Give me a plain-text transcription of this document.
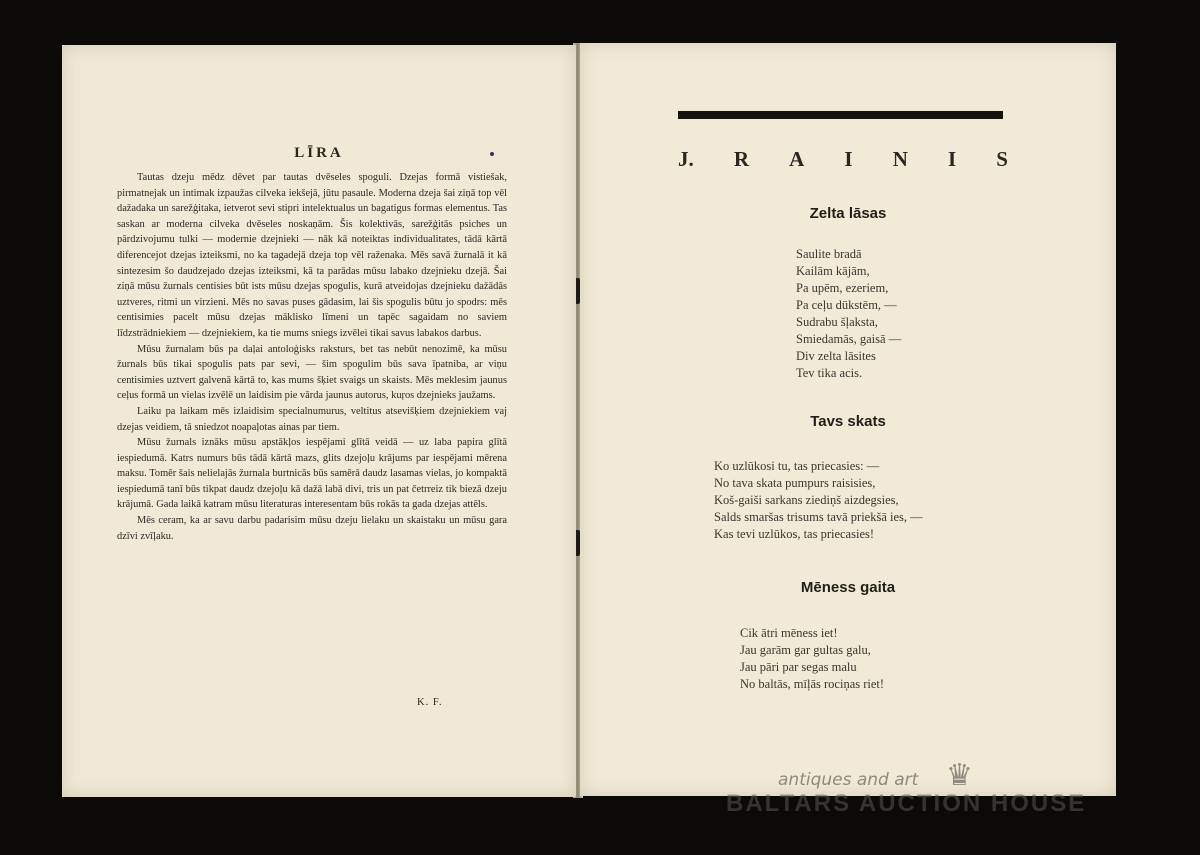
LĪRA

Tautas dzeju mēdz dēvet par tautas dvēseles spoguli. Dzejas formā vistiešak, pirmatnejak un intimak izpaužas cilveka iekšejā, jūtu pasaule. Moderna dzeja šai ziņā top vēl dažadaka un sarežģitaka, ietverot sevi stipri intelektualus un bagatigus formas elementus. Tas saskan ar moderna cilveka dvēseles noskaņām. Šis kolektivās, sarežģitās psiches un pārdzivojumu tulki — modernie dzejnieki — nāk kā noteiktas individualitates, tādā kārtā diferencejot dzejas izteiksmi, no ka tagadejā dzeja top vēl raženaka. Mēs savā žurnalā it kā sintezesim šo daudzejado dzejas izteiksmi, kā ta parādas mūsu labako dzejnieku dzejā. Šai ziņā mūsu žurnals centisies būt ists mūsu dzejas spogulis, kurā atveidojas dzejnieku dažādās uztveres, ritmi un virzieni. Mēs no savas puses gādasim, lai šis spogulis būtu jo spodrs: mēs centisimies pacelt mūsu dzejas māklisko līmeni un tapēc sagaidam no saviem līdzstrādniekiem — dzejniekiem, ka tie mums sniegs izvēlei tikai savus labakos darbus.

Mūsu žurnalam būs pa daļai antoloģisks raksturs, bet tas nebūt nenozimē, ka mūsu žurnals būs tikai spogulis pats par sevi, — šim spogulim būs sava īpatniba, ar viņu centisimies uztvert galvenā kārtā to, kas mums šķiet svaigs un skaists. Mēs meklesim jaunus ceļus formā un vielas izvēlē un laidisim pie vārda jaunus autorus, kuŗos dzejnieks jaužams.

Laiku pa laikam mēs izlaidisim specialnumurus, veltitus atsevišķiem dzejniekiem vaj dzejas veidiem, tā sniedzot noapaļotas ainas par tiem.

Mūsu žurnals iznāks mūsu apstākļos iespējami glītā veidā — uz laba papira glītā iespiedumā. Katrs numurs būs tādā kārtā mazs, glits dzejoļu krājums par iespējami mērena maksu. Tomēr šais nelielajās žurnala burtnicās būs samērā daudz lasamas vielas, jo kompaktā iespiedumā tanī būs tikpat daudz dzejoļu kā dažā labā divi, tris un pat četrreiz tik biezā dzeju krājumā. Gada laikā katram mūsu literaturas interesentam būs rokās ta gada dzejas attēls.

Mēs ceram, ka ar savu darbu padarisim mūsu dzeju lielaku un skaistaku un mūsu gara dzīvi zvīļaku.

K. F.
J. R A I N I S
Zelta lāsas
Saulite bradā
Kailām kājām,
Pa upēm, ezeriem,
Pa ceļu dūkstēm, —
Sudrabu šļaksta,
Smiedamās, gaisā —
Div zelta lāsites
Tev tika acis.
Tavs skats
Ko uzlūkosi tu, tas priecasies: —
No tava skata pumpurs raisisies,
Koš-gaiši sarkans ziediņš aizdegsies,
Salds smaršas trisums tavā priekšā ies, —
Kas tevi uzlūkos, tas priecasies!
Mēness gaita
Cik ātri mēness iet!
Jau garām gar gultas galu,
Jau pāri par segas malu
No baltās, mīļās rociņas riet!
antiques and art ♛
BALTARS AUCTION HOUSE
